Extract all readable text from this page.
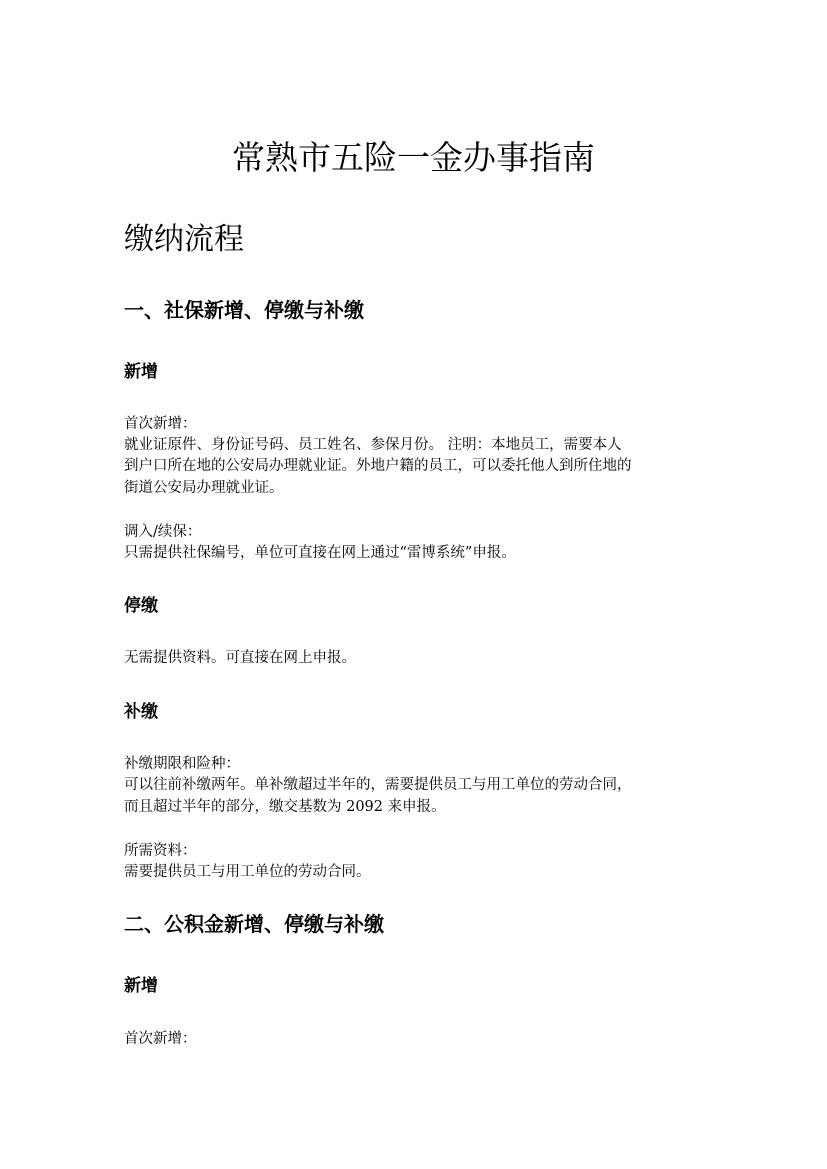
常熟市五险一金办事指南
缴纳流程
一、社保新增、停缴与补缴
新增

首次新增：

就业证原件、身份证号码、员工姓名、参保月份。 注明：本地员工，需要本人

到户口所在地的公安局办理就业证。外地户籍的员工，可以委托他人到所住地的

街道公安局办理就业证。

调入/续保：

只需提供社保编号，单位可直接在网上通过“雷博系统”申报。

停缴

无需提供资料。可直接在网上申报。

补缴

补缴期限和险种：

可以往前补缴两年。单补缴超过半年的，需要提供员工与用工单位的劳动合同，

而且超过半年的部分，缴交基数为 2092 来申报。

所需资料：

需要提供员工与用工单位的劳动合同。

二、公积金新增、停缴与补缴
新增

首次新增：
